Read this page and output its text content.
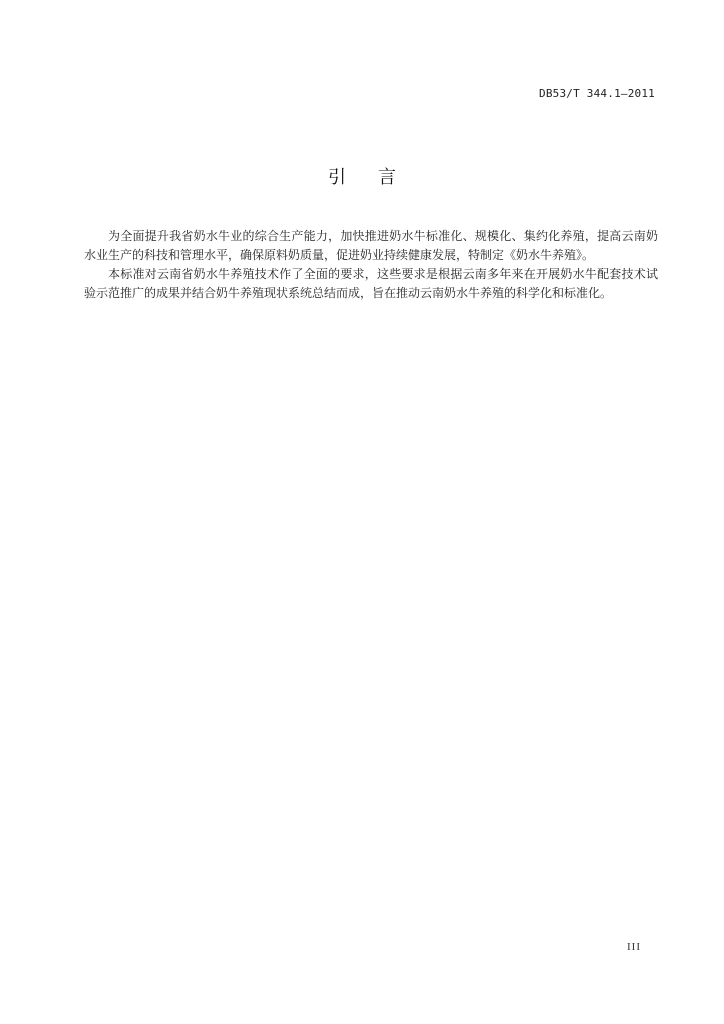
DB53/T 344.1—2011
引言

为全面提升我省奶水牛业的综合生产能力，加快推进奶水牛标准化、规模化、集约化养殖，提高云南奶水业生产的科技和管理水平，确保原料奶质量，促进奶业持续健康发展，特制定《奶水牛养殖》。

本标准对云南省奶水牛养殖技术作了全面的要求，这些要求是根据云南多年来在开展奶水牛配套技术试验示范推广的成果并结合奶牛养殖现状系统总结而成，旨在推动云南奶水牛养殖的科学化和标准化。

III
